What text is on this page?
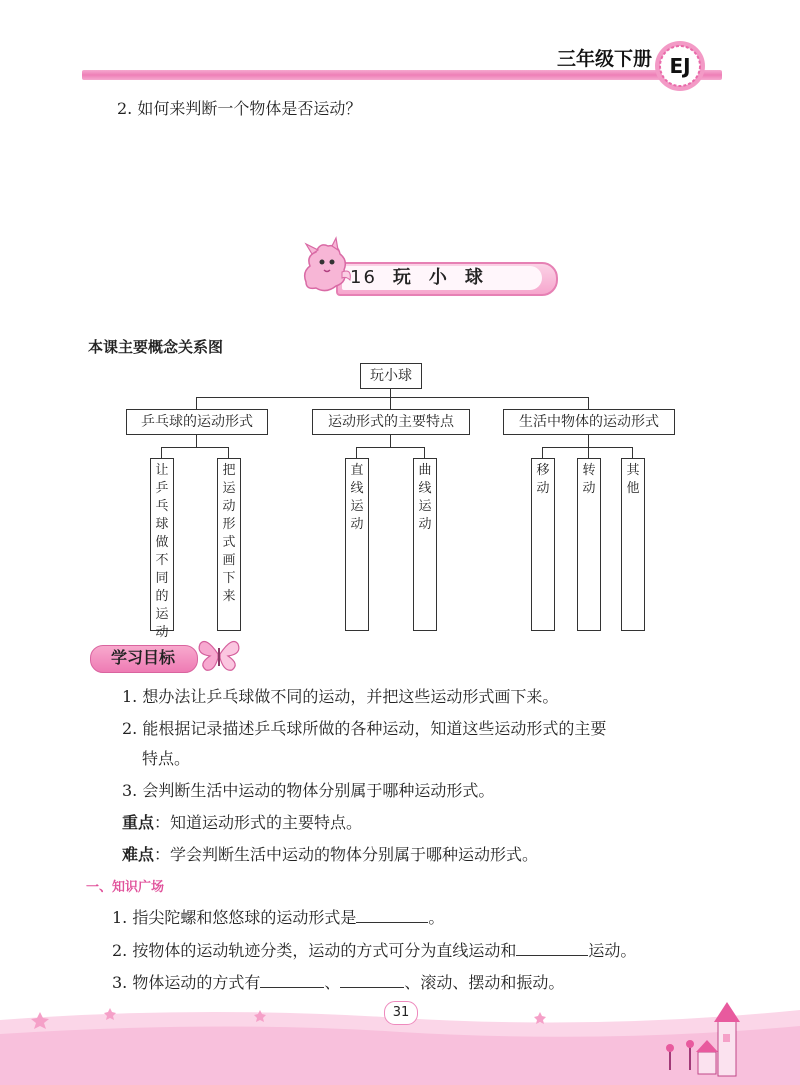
三年级下册 EJ
2. 如何来判断一个物体是否运动？
16 玩小球
本课主要概念关系图
玩小球
乒乓球的运动形式	运动形式的主要特点	生活中物体的运动形式
让乒乓球做不同的运动
把运动形式画下来
直线运动
曲线运动
移动
转动
其他
学习目标
1. 想办法让乒乓球做不同的运动，并把这些运动形式画下来。
2. 能根据记录描述乒乓球所做的各种运动，知道这些运动形式的主要
特点。
3. 会判断生活中运动的物体分别属于哪种运动形式。
重点：知道运动形式的主要特点。
难点：学会判断生活中运动的物体分别属于哪种运动形式。
一、知识广场
1. 指尖陀螺和悠悠球的运动形式是	。
2. 按物体的运动轨迹分类，运动的方式可分为直线运动和	运动。
3. 物体运动的方式有	、	、滚动、摆动和振动。
31
